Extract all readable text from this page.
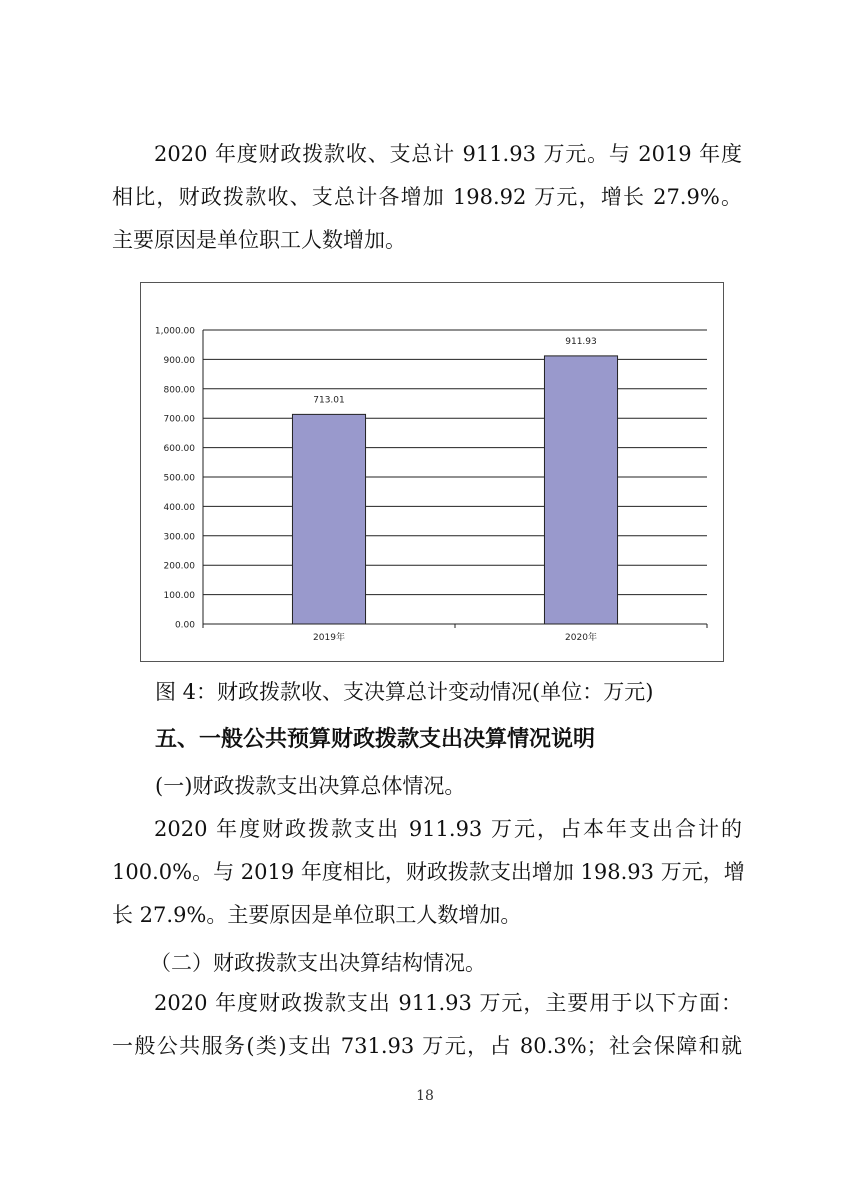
2020 年度财政拨款收、支总计 911.93 万元。与 2019 年度
相比，财政拨款收、支总计各增加 198.92 万元，增长 27.9%。
主要原因是单位职工人数增加。
0.00
100.00
200.00
300.00
400.00
500.00
600.00
700.00
800.00
900.00
1,000.00
713.01
2019年
911.93
2020年
图 4：财政拨款收、支决算总计变动情况(单位：万元)
五、一般公共预算财政拨款支出决算情况说明
(一)财政拨款支出决算总体情况。
2020 年度财政拨款支出 911.93 万元，占本年支出合计的
100.0%。与 2019 年度相比，财政拨款支出增加 198.93 万元，增
长 27.9%。主要原因是单位职工人数增加。
（二）财政拨款支出决算结构情况。
2020 年度财政拨款支出 911.93 万元，主要用于以下方面：
一般公共服务(类)支出 731.93 万元，占 80.3%；社会保障和就
18
